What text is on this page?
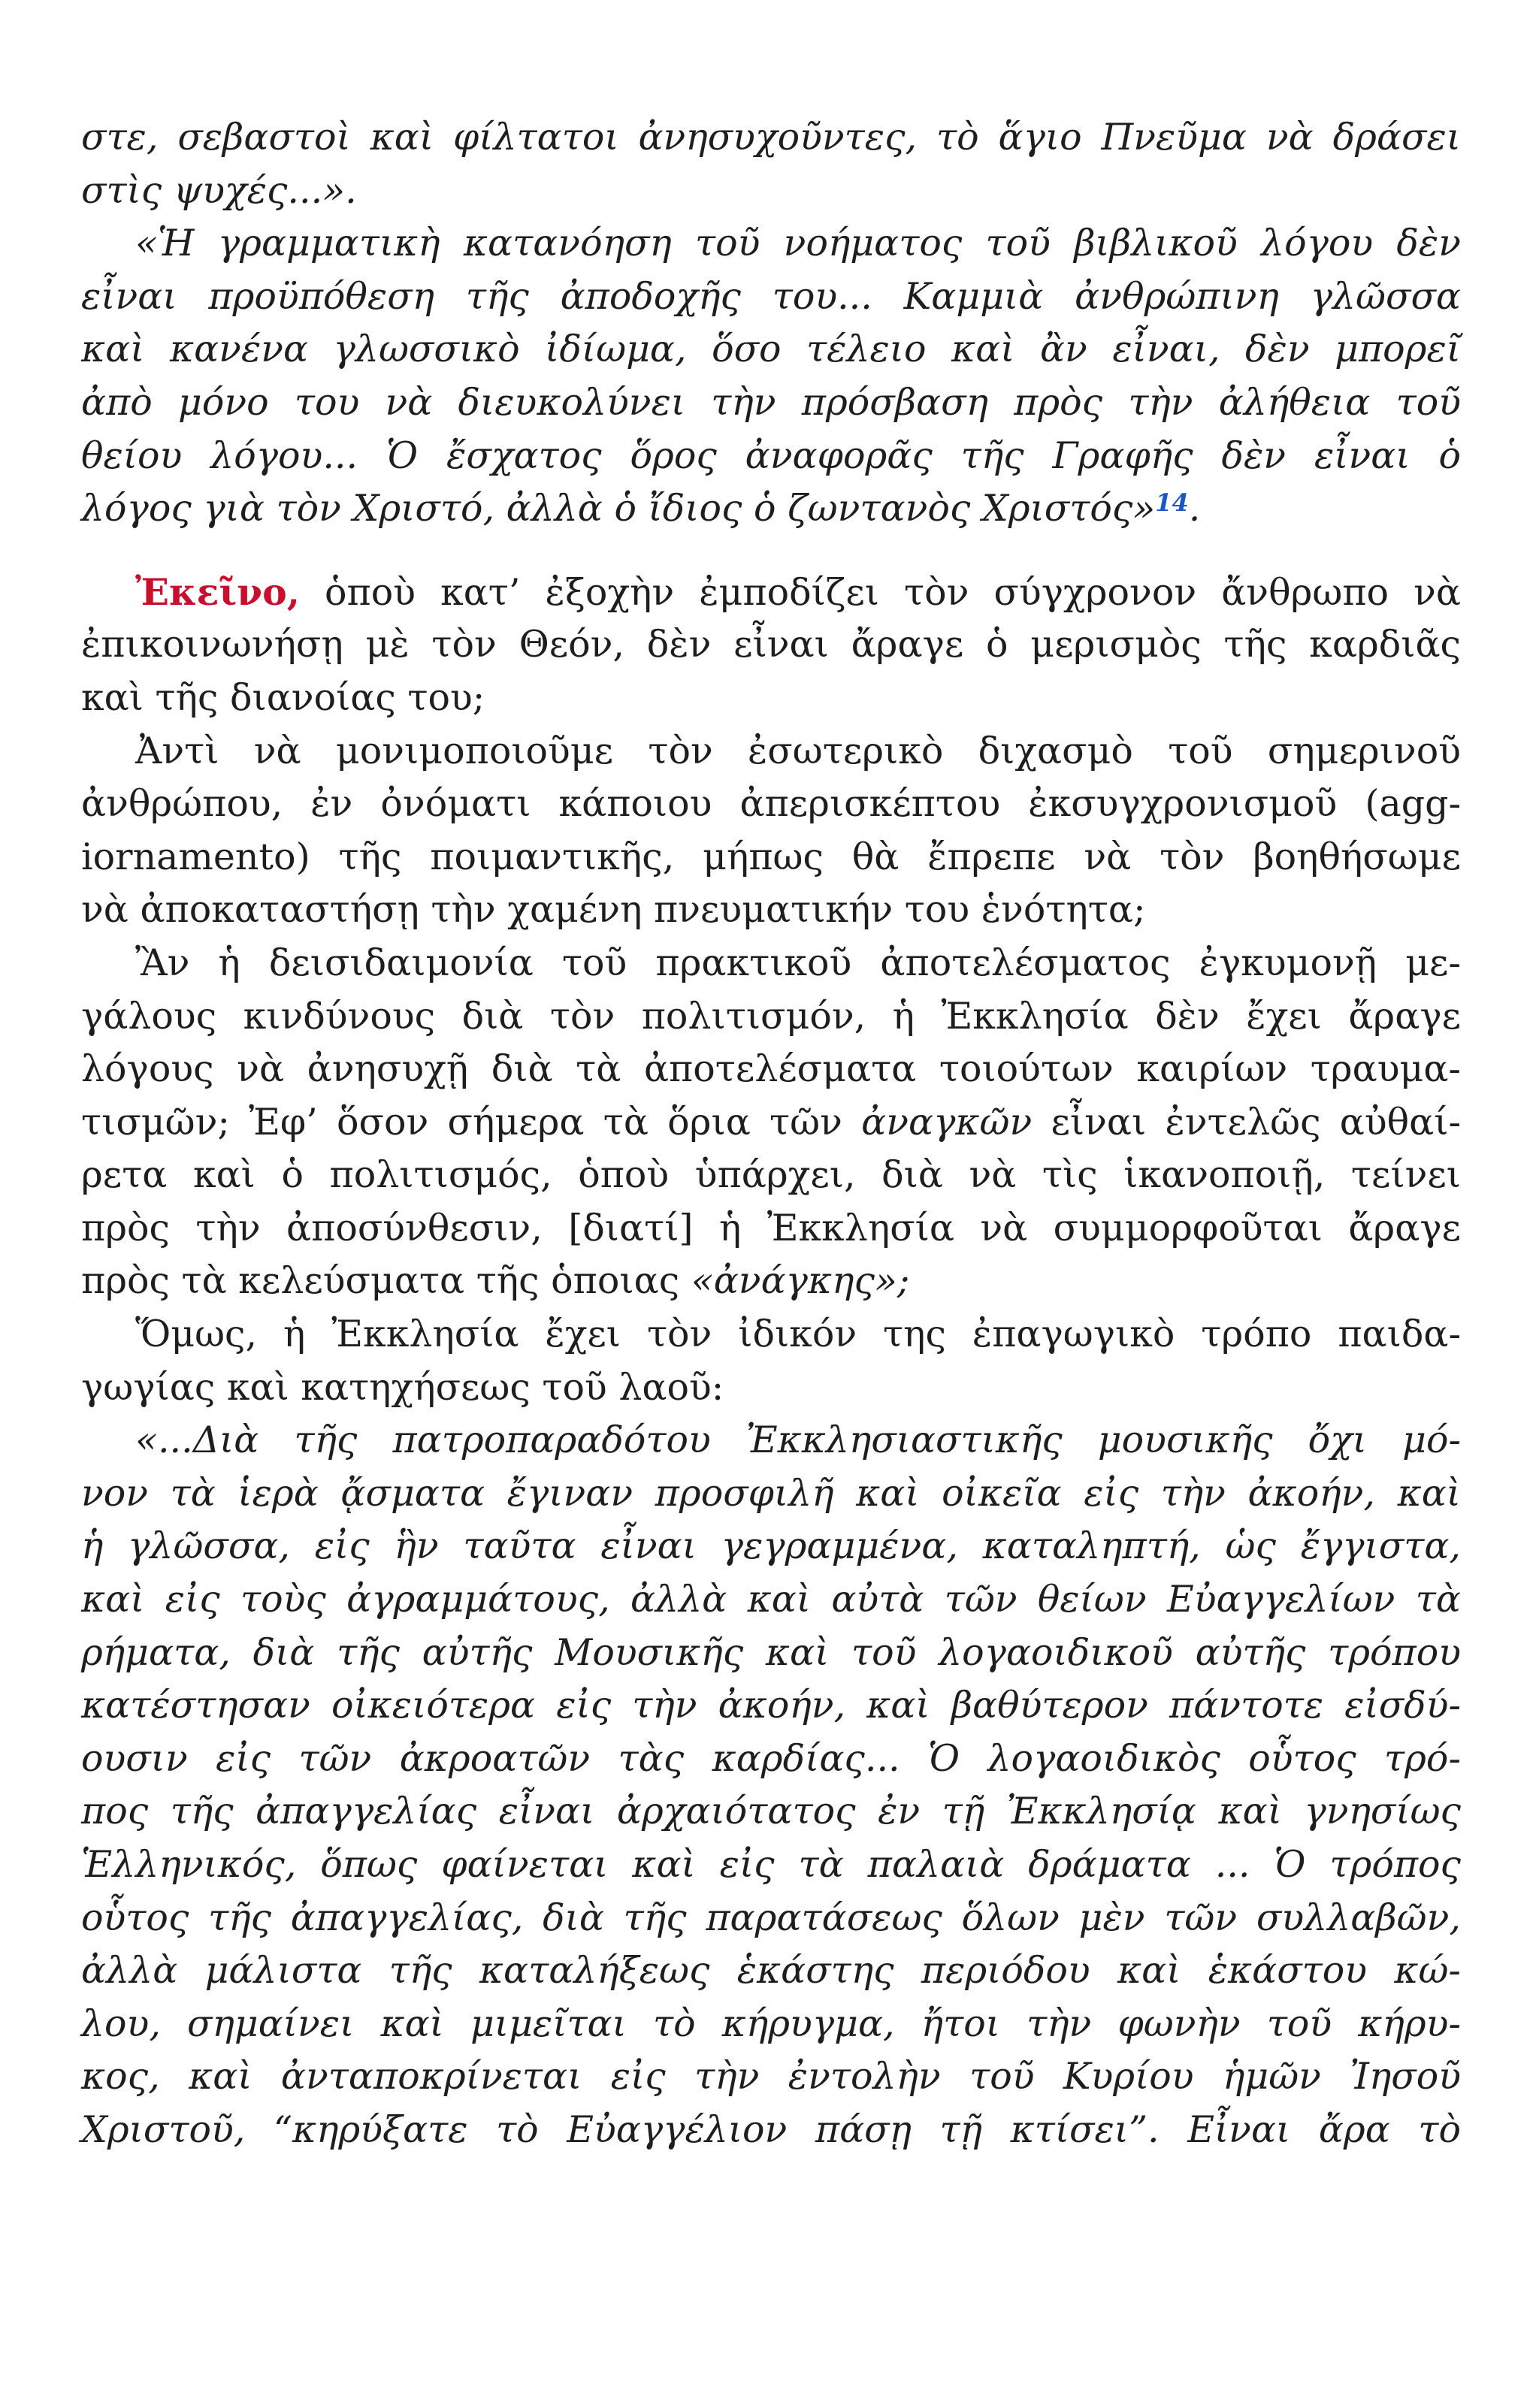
στε, σεβαστοὶ καὶ φίλτατοι ἀνησυχοῦντες, τὸ ἅγιο Πνεῦμα νὰ δράσει
στὶς ψυχές...».
«Ἡ γραμματικὴ κατανόηση τοῦ νοήματος τοῦ βιβλικοῦ λόγου δὲν
εἶναι προϋπόθεση τῆς ἀποδοχῆς του... Καμμιὰ ἀνθρώπινη γλῶσσα
καὶ κανένα γλωσσικὸ ἰδίωμα, ὅσο τέλειο καὶ ἂν εἶναι, δὲν μπορεῖ
ἀπὸ μόνο του νὰ διευκολύνει τὴν πρόσβαση πρὸς τὴν ἀλήθεια τοῦ
θείου λόγου... Ὁ ἔσχατος ὅρος ἀναφορᾶς τῆς Γραφῆς δὲν εἶναι ὁ
λόγος γιὰ τὸν Χριστό, ἀλλὰ ὁ ἴδιος ὁ ζωντανὸς Χριστός»$^{14}$.
Ἐκεῖνο, ὁποὺ κατ’ ἐξοχὴν ἐμποδίζει τὸν σύγχρονον ἄνθρωπο νὰ
ἐπικοινωνήσῃ μὲ τὸν Θεόν, δὲν εἶναι ἄραγε ὁ μερισμὸς τῆς καρδιᾶς
καὶ τῆς διανοίας του;
Ἀντὶ νὰ μονιμοποιοῦμε τὸν ἐσωτερικὸ διχασμὸ τοῦ σημερινοῦ
ἀνθρώπου, ἐν ὀνόματι κάποιου ἀπερισκέπτου ἐκσυγχρονισμοῦ (agg-
iornamento) τῆς ποιμαντικῆς, μήπως θὰ ἔπρεπε νὰ τὸν βοηθήσωμε
νὰ ἀποκαταστήσῃ τὴν χαμένη πνευματικήν του ἑνότητα;
Ἂν ἡ δεισιδαιμονία τοῦ πρακτικοῦ ἀποτελέσματος ἐγκυμονῇ με-
γάλους κινδύνους διὰ τὸν πολιτισμόν, ἡ Ἐκκλησία δὲν ἔχει ἄραγε
λόγους νὰ ἀνησυχῇ διὰ τὰ ἀποτελέσματα τοιούτων καιρίων τραυμα-
τισμῶν; Ἐφ’ ὅσον σήμερα τὰ ὅρια τῶν ἀναγκῶν εἶναι ἐντελῶς αὐθαί-
ρετα καὶ ὁ πολιτισμός, ὁποὺ ὑπάρχει, διὰ νὰ τὶς ἱκανοποιῇ, τείνει
πρὸς τὴν ἀποσύνθεσιν, [διατί] ἡ Ἐκκλησία νὰ συμμορφοῦται ἄραγε
πρὸς τὰ κελεύσματα τῆς ὁποιας «ἀνάγκης»;
Ὅμως, ἡ Ἐκκλησία ἔχει τὸν ἰδικόν της ἐπαγωγικὸ τρόπο παιδα-
γωγίας καὶ κατηχήσεως τοῦ λαοῦ:
«...Διὰ τῆς πατροπαραδότου Ἐκκλησιαστικῆς μουσικῆς ὄχι μό-
νον τὰ ἱερὰ ᾄσματα ἔγιναν προσφιλῆ καὶ οἰκεῖα εἰς τὴν ἀκοήν, καὶ
ἡ γλῶσσα, εἰς ἣν ταῦτα εἶναι γεγραμμένα, καταληπτή, ὡς ἔγγιστα,
καὶ εἰς τοὺς ἀγραμμάτους, ἀλλὰ καὶ αὐτὰ τῶν θείων Εὐαγγελίων τὰ
ρήματα, διὰ τῆς αὐτῆς Μουσικῆς καὶ τοῦ λογαοιδικοῦ αὐτῆς τρόπου
κατέστησαν οἰκειότερα εἰς τὴν ἀκοήν, καὶ βαθύτερον πάντοτε εἰσδύ-
ουσιν εἰς τῶν ἀκροατῶν τὰς καρδίας... Ὁ λογαοιδικὸς οὗτος τρό-
πος τῆς ἀπαγγελίας εἶναι ἀρχαιότατος ἐν τῇ Ἐκκλησίᾳ καὶ γνησίως
Ἑλληνικός, ὅπως φαίνεται καὶ εἰς τὰ παλαιὰ δράματα ... Ὁ τρόπος
οὗτος τῆς ἀπαγγελίας, διὰ τῆς παρατάσεως ὅλων μὲν τῶν συλλαβῶν,
ἀλλὰ μάλιστα τῆς καταλήξεως ἑκάστης περιόδου καὶ ἑκάστου κώ-
λου, σημαίνει καὶ μιμεῖται τὸ κήρυγμα, ἤτοι τὴν φωνὴν τοῦ κήρυ-
κος, καὶ ἀνταποκρίνεται εἰς τὴν ἐντολὴν τοῦ Κυρίου ἡμῶν Ἰησοῦ
Χριστοῦ, “κηρύξατε τὸ Εὐαγγέλιον πάσῃ τῇ κτίσει”. Εἶναι ἄρα τὸ
